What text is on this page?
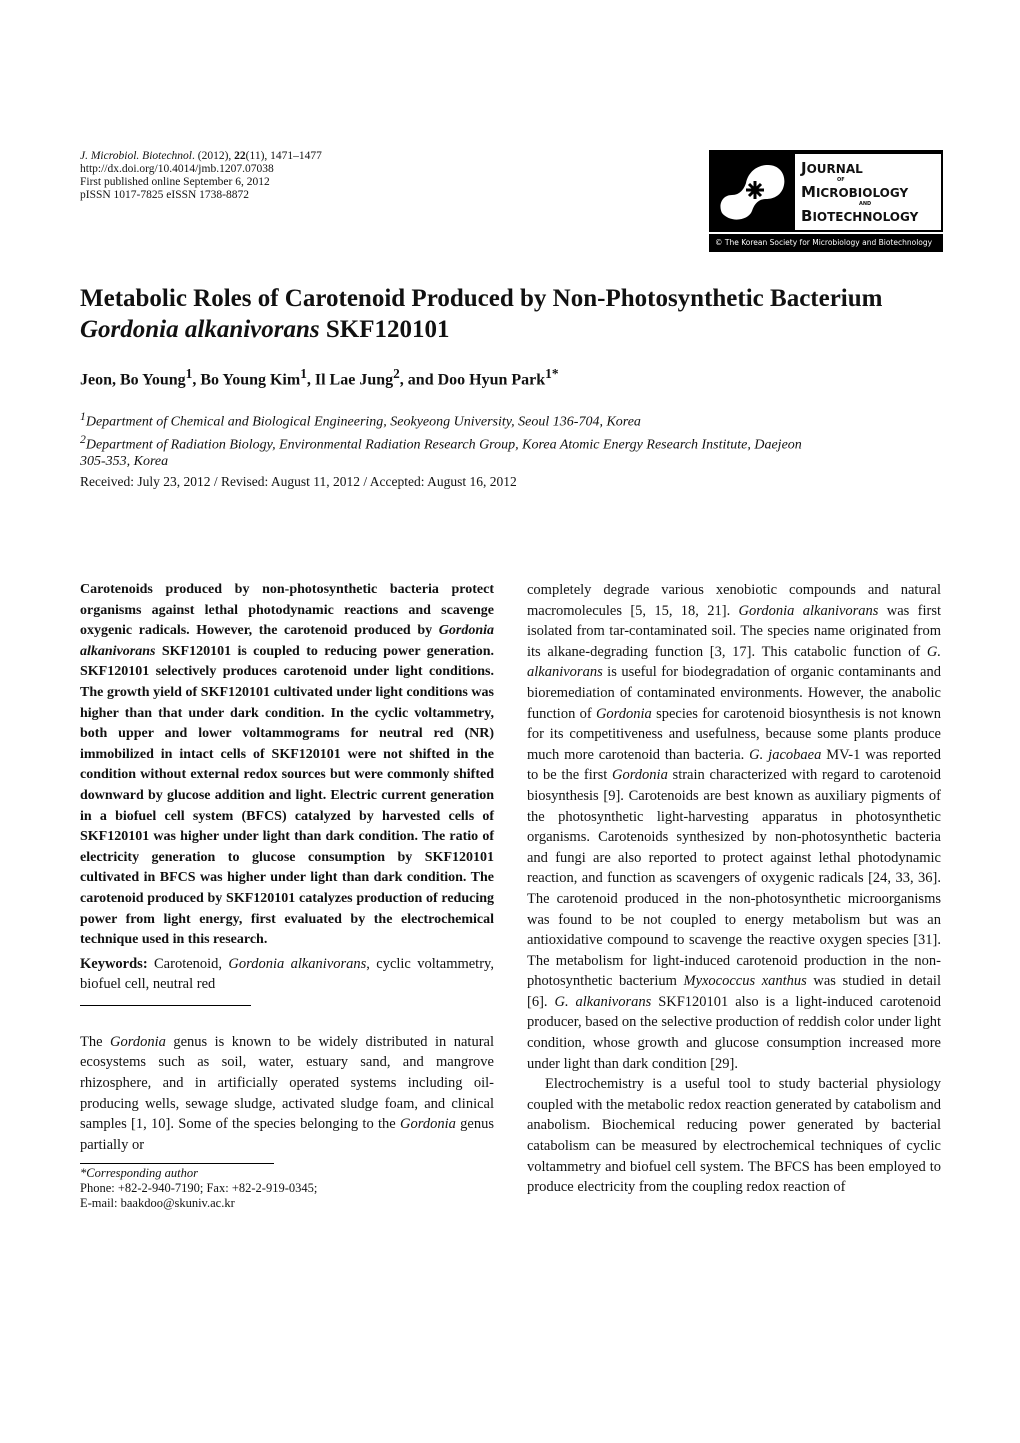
J. Microbiol. Biotechnol. (2012), 22(11), 1471–1477
http://dx.doi.org/10.4014/jmb.1207.07038
First published online September 6, 2012
pISSN 1017-7825 eISSN 1738-8872
JOURNAL
OF
MICROBIOLOGY
AND
BIOTECHNOLOGY
© The Korean Society for Microbiology and Biotechnology
Metabolic Roles of Carotenoid Produced by Non-Photosynthetic Bacterium
Gordonia alkanivorans SKF120101
Jeon, Bo Young$^1$, Bo Young Kim$^1$, Il Lae Jung$^2$, and Doo Hyun Park$^{1*}$
$^1$Department of Chemical and Biological Engineering, Seokyeong University, Seoul 136-704, Korea
$^2$Department of Radiation Biology, Environmental Radiation Research Group, Korea Atomic Energy Research Institute, Daejeon
305-353, Korea
Received: July 23, 2012 / Revised: August 11, 2012 / Accepted: August 16, 2012

Carotenoids produced by non-photosynthetic bacteria protect organisms against lethal photodynamic reactions and scavenge oxygenic radicals. However, the carotenoid produced by Gordonia alkanivorans SKF120101 is coupled to reducing power generation. SKF120101 selectively produces carotenoid under light conditions. The growth yield of SKF120101 cultivated under light conditions was higher than that under dark condition. In the cyclic voltammetry, both upper and lower voltammograms for neutral red (NR) immobilized in intact cells of SKF120101 were not shifted in the condition without external redox sources but were commonly shifted downward by glucose addition and light. Electric current generation in a biofuel cell system (BFCS) catalyzed by harvested cells of SKF120101 was higher under light than dark condition. The ratio of electricity generation to glucose consumption by SKF120101 cultivated in BFCS was higher under light than dark condition. The carotenoid produced by SKF120101 catalyzes production of reducing power from light energy, first evaluated by the electrochemical technique used in this research.

Keywords: Carotenoid, Gordonia alkanivorans, cyclic voltammetry, biofuel cell, neutral red

The Gordonia genus is known to be widely distributed in natural ecosystems such as soil, water, estuary sand, and mangrove rhizosphere, and in artificially operated systems including oil-producing wells, sewage sludge, activated sludge foam, and clinical samples [1, 10]. Some of the species belonging to the Gordonia genus partially or

*Corresponding author
Phone: +82-2-940-7190; Fax: +82-2-919-0345;
E-mail: baakdoo@skuniv.ac.kr

completely degrade various xenobiotic compounds and natural macromolecules [5, 15, 18, 21]. Gordonia alkanivorans was first isolated from tar-contaminated soil. The species name originated from its alkane-degrading function [3, 17]. This catabolic function of G. alkanivorans is useful for biodegradation of organic contaminants and bioremediation of contaminated environments. However, the anabolic function of Gordonia species for carotenoid biosynthesis is not known for its competitiveness and usefulness, because some plants produce much more carotenoid than bacteria. G. jacobaea MV-1 was reported to be the first Gordonia strain characterized with regard to carotenoid biosynthesis [9]. Carotenoids are best known as auxiliary pigments of the photosynthetic light-harvesting apparatus in photosynthetic organisms. Carotenoids synthesized by non-photosynthetic bacteria and fungi are also reported to protect against lethal photodynamic reaction, and function as scavengers of oxygenic radicals [24, 33, 36]. The carotenoid produced in the non-photosynthetic microorganisms was found to be not coupled to energy metabolism but was an antioxidative compound to scavenge the reactive oxygen species [31]. The metabolism for light-induced carotenoid production in the non-photosynthetic bacterium Myxococcus xanthus was studied in detail [6]. G. alkanivorans SKF120101 also is a light-induced carotenoid producer, based on the selective production of reddish color under light condition, whose growth and glucose consumption increased more under light than dark condition [29].

Electrochemistry is a useful tool to study bacterial physiology coupled with the metabolic redox reaction generated by catabolism and anabolism. Biochemical reducing power generated by bacterial catabolism can be measured by electrochemical techniques of cyclic voltammetry and biofuel cell system. The BFCS has been employed to produce electricity from the coupling redox reaction of
